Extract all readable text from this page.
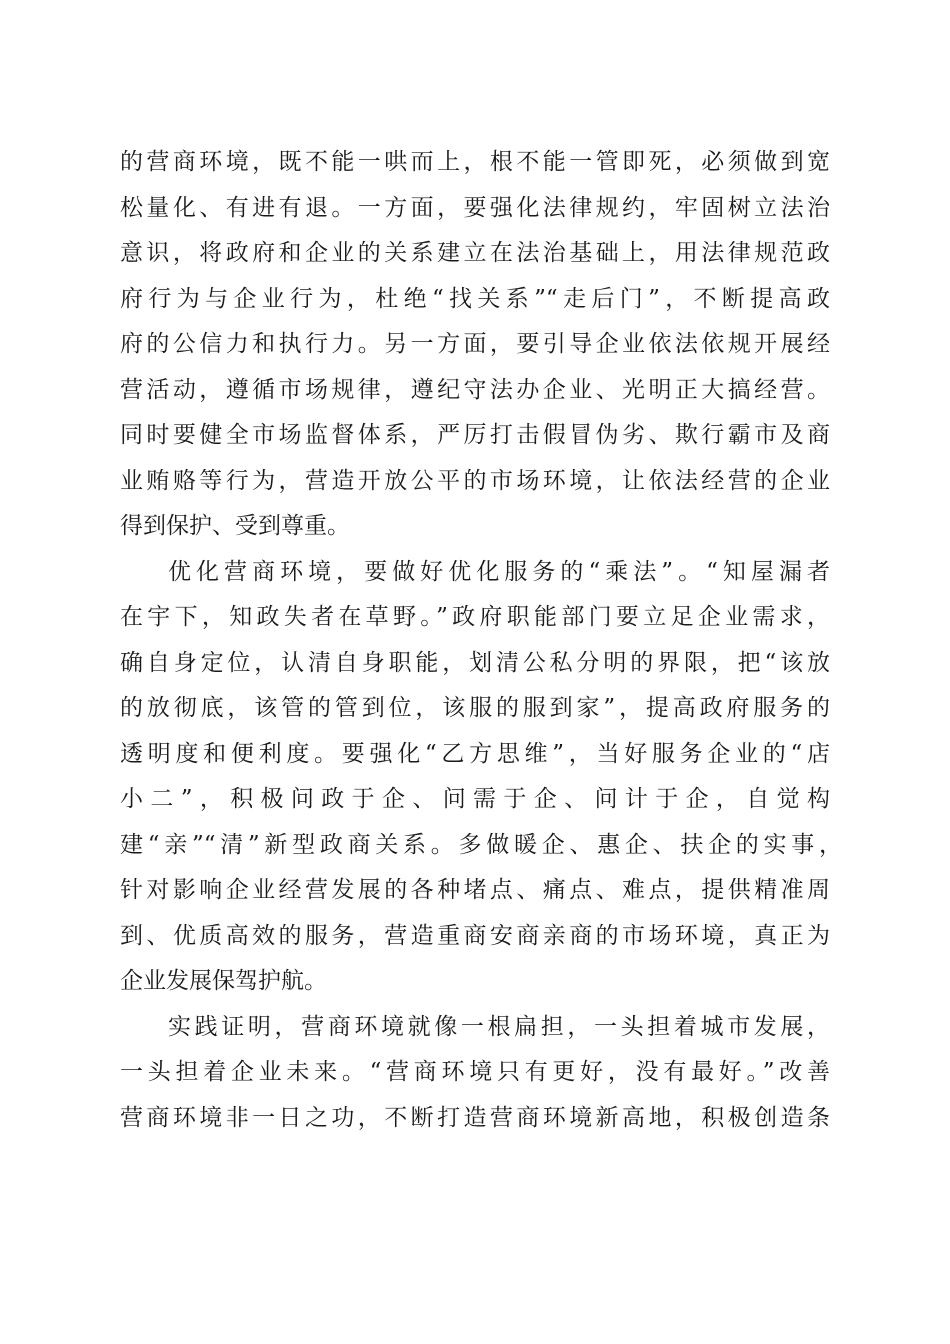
的营商环境，既不能一哄而上，根不能一管即死，必须做到宽
松量化、有进有退。一方面，要强化法律规约，牢固树立法治
意识，将政府和企业的关系建立在法治基础上，用法律规范政
府行为与企业行为，杜绝“找关系”“走后门”，不断提高政
府的公信力和执行力。另一方面，要引导企业依法依规开展经
营活动，遵循市场规律，遵纪守法办企业、光明正大搞经营。
同时要健全市场监督体系，严厉打击假冒伪劣、欺行霸市及商
业贿赂等行为，营造开放公平的市场环境，让依法经营的企业
得到保护、受到尊重。
优化营商环境，要做好优化服务的“乘法”。“知屋漏者
在宇下，知政失者在草野。”政府职能部门要立足企业需求，
确自身定位，认清自身职能，划清公私分明的界限，把“该放
的放彻底，该管的管到位，该服的服到家”，提高政府服务的
透明度和便利度。要强化“乙方思维”，当好服务企业的“店
小二”，积极问政于企、问需于企、问计于企，自觉构
建“亲”“清”新型政商关系。多做暖企、惠企、扶企的实事，
针对影响企业经营发展的各种堵点、痛点、难点，提供精准周
到、优质高效的服务，营造重商安商亲商的市场环境，真正为
企业发展保驾护航。
实践证明，营商环境就像一根扁担，一头担着城市发展，
一头担着企业未来。“营商环境只有更好，没有最好。”改善
营商环境非一日之功，不断打造营商环境新高地，积极创造条
